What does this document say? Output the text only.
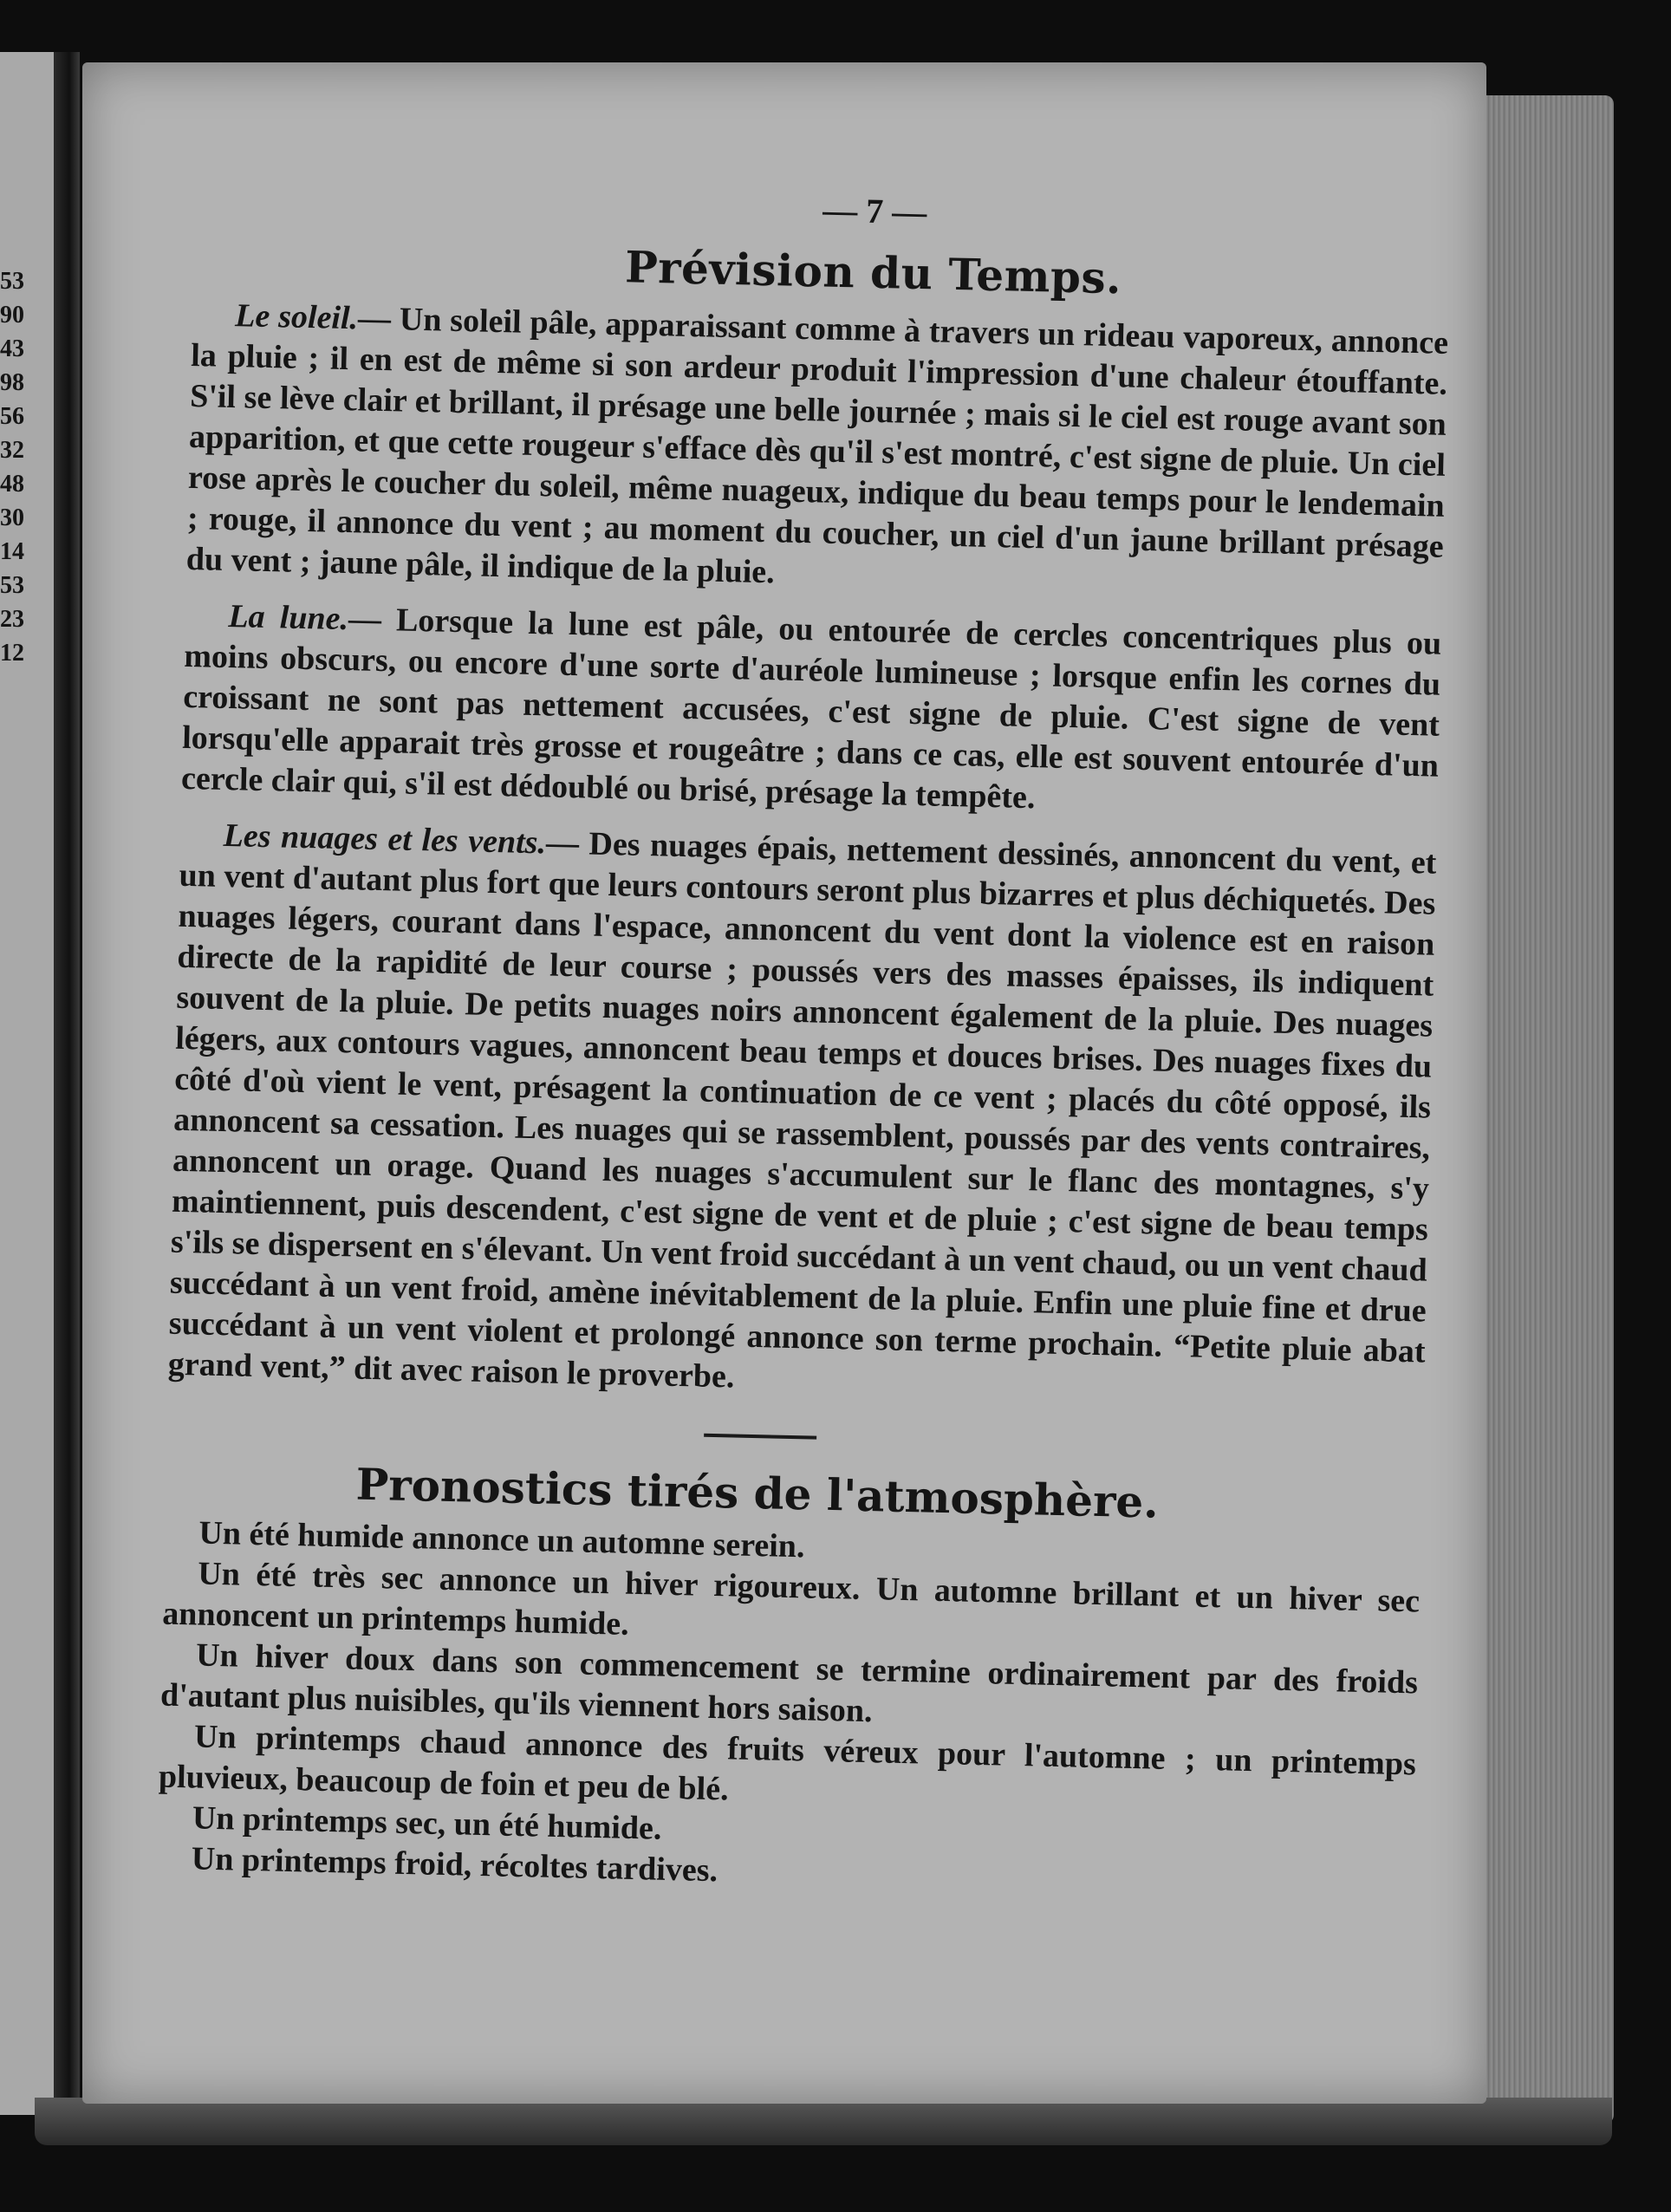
53
90
43
98
56
32
48
30
14
53
23
12
— 7 —
Prévision du Temps.

Le soleil.— Un soleil pâle, apparaissant comme à travers un rideau vaporeux, annonce la pluie ; il en est de même si son ardeur produit l'impression d'une chaleur étouffante. S'il se lève clair et brillant, il présage une belle journée ; mais si le ciel est rouge avant son apparition, et que cette rougeur s'efface dès qu'il s'est montré, c'est signe de pluie. Un ciel rose après le coucher du soleil, même nuageux, indique du beau temps pour le lendemain ; rouge, il annonce du vent ; au moment du coucher, un ciel d'un jaune brillant présage du vent ; jaune pâle, il indique de la pluie.

La lune.— Lorsque la lune est pâle, ou entourée de cercles concentriques plus ou moins obscurs, ou encore d'une sorte d'auréole lumineuse ; lorsque enfin les cornes du croissant ne sont pas nettement accusées, c'est signe de pluie. C'est signe de vent lorsqu'elle apparait très grosse et rougeâtre ; dans ce cas, elle est souvent entourée d'un cercle clair qui, s'il est dédoublé ou brisé, présage la tempête.

Les nuages et les vents.— Des nuages épais, nettement dessinés, annoncent du vent, et un vent d'autant plus fort que leurs contours seront plus bizarres et plus déchiquetés. Des nuages légers, courant dans l'espace, annoncent du vent dont la violence est en raison directe de la rapidité de leur course ; poussés vers des masses épaisses, ils indiquent souvent de la pluie. De petits nuages noirs annoncent également de la pluie. Des nuages légers, aux contours vagues, annoncent beau temps et douces brises. Des nuages fixes du côté d'où vient le vent, présagent la continuation de ce vent ; placés du côté opposé, ils annoncent sa cessation. Les nuages qui se rassemblent, poussés par des vents contraires, annoncent un orage. Quand les nuages s'accumulent sur le flanc des montagnes, s'y maintiennent, puis descendent, c'est signe de vent et de pluie ; c'est signe de beau temps s'ils se dispersent en s'élevant. Un vent froid succédant à un vent chaud, ou un vent chaud succédant à un vent froid, amène inévitablement de la pluie. Enfin une pluie fine et drue succédant à un vent violent et prolongé annonce son terme prochain. “Petite pluie abat grand vent,” dit avec raison le proverbe.

Pronostics tirés de l'atmosphère.

Un été humide annonce un automne serein.

Un été très sec annonce un hiver rigoureux. Un automne brillant et un hiver sec annoncent un printemps humide.

Un hiver doux dans son commencement se termine ordinairement par des froids d'autant plus nuisibles, qu'ils viennent hors saison.

Un printemps chaud annonce des fruits véreux pour l'automne ; un printemps pluvieux, beaucoup de foin et peu de blé.

Un printemps sec, un été humide.

Un printemps froid, récoltes tardives.
